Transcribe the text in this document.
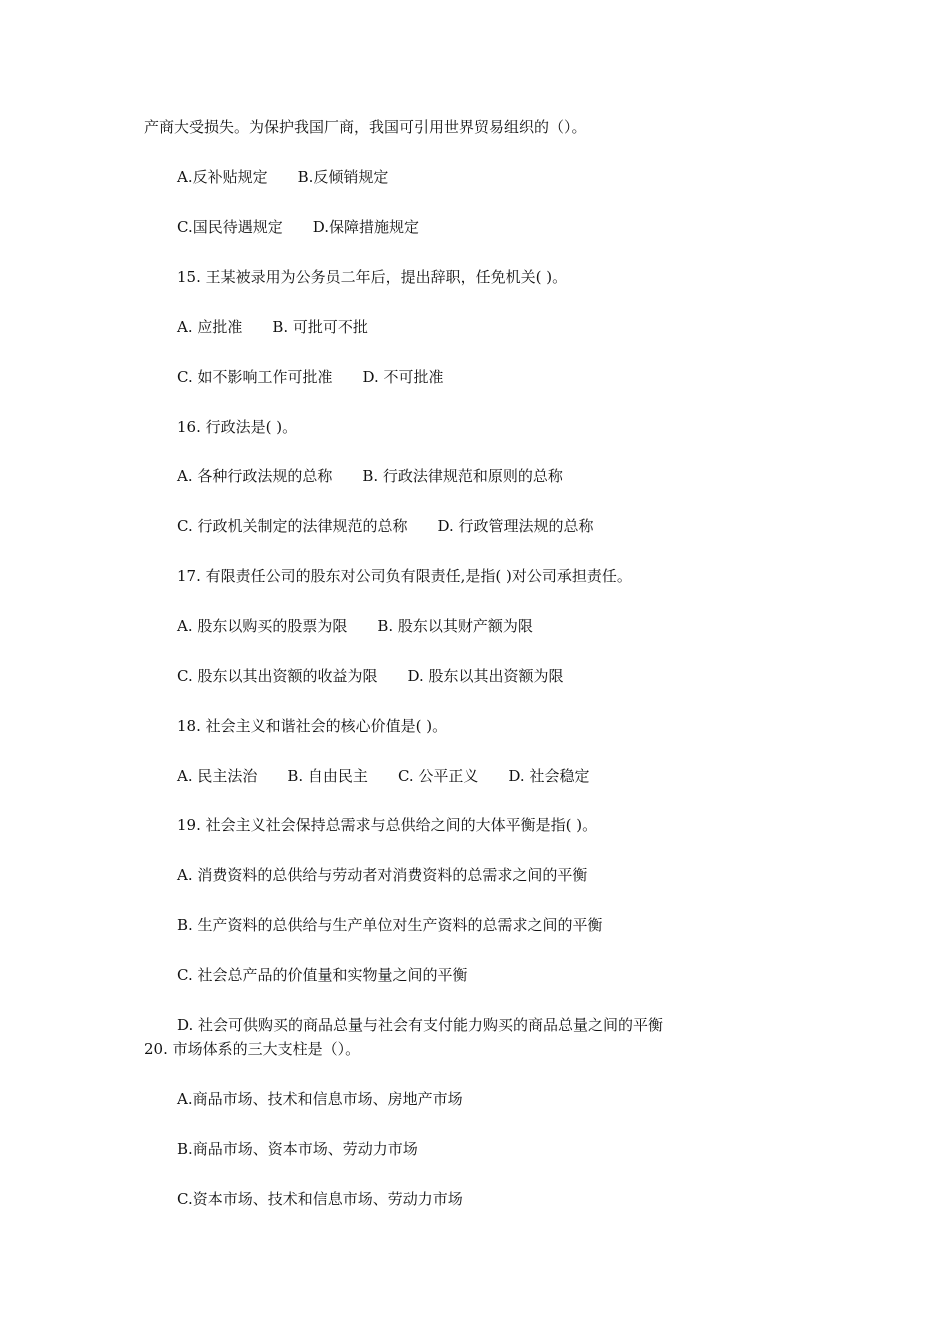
产商大受损失。为保护我国厂商，我国可引用世界贸易组织的（）。
A.反补贴规定 B.反倾销规定
C.国民待遇规定 D.保障措施规定
15. 王某被录用为公务员二年后，提出辞职，任免机关( )。
A. 应批准 B. 可批可不批
C. 如不影响工作可批准 D. 不可批准
16. 行政法是( )。
A. 各种行政法规的总称 B. 行政法律规范和原则的总称
C. 行政机关制定的法律规范的总称 D. 行政管理法规的总称
17. 有限责任公司的股东对公司负有限责任,是指( )对公司承担责任。
A. 股东以购买的股票为限 B. 股东以其财产额为限
C. 股东以其出资额的收益为限 D. 股东以其出资额为限
18. 社会主义和谐社会的核心价值是( )。
A. 民主法治 B. 自由民主 C. 公平正义 D. 社会稳定
19. 社会主义社会保持总需求与总供给之间的大体平衡是指( )。
A. 消费资料的总供给与劳动者对消费资料的总需求之间的平衡
B. 生产资料的总供给与生产单位对生产资料的总需求之间的平衡
C. 社会总产品的价值量和实物量之间的平衡
D. 社会可供购买的商品总量与社会有支付能力购买的商品总量之间的平衡
20. 市场体系的三大支柱是（）。
A.商品市场、技术和信息市场、房地产市场
B.商品市场、资本市场、劳动力市场
C.资本市场、技术和信息市场、劳动力市场
